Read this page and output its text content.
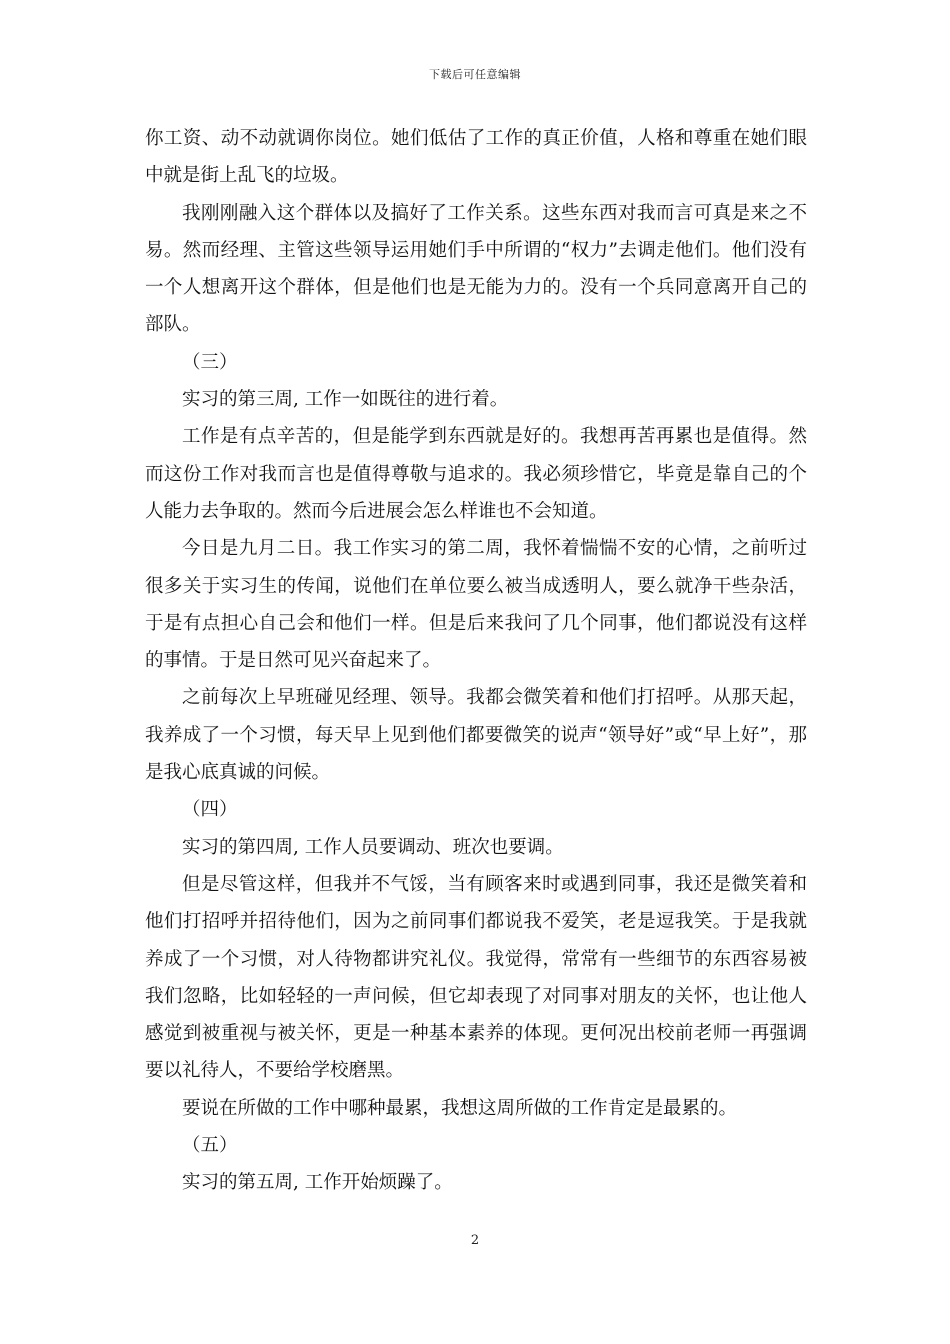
下载后可任意编辑

你工资、动不动就调你岗位。她们低估了工作的真正价值，人格和尊重在她们眼中就是街上乱飞的垃圾。

我刚刚融入这个群体以及搞好了工作关系。这些东西对我而言可真是来之不易。然而经理、主管这些领导运用她们手中所谓的“权力”去调走他们。他们没有一个人想离开这个群体，但是他们也是无能为力的。没有一个兵同意离开自己的部队。

（三）

实习的第三周, 工作一如既往的进行着。

工作是有点辛苦的，但是能学到东西就是好的。我想再苦再累也是值得。然而这份工作对我而言也是值得尊敬与追求的。我必须珍惜它，毕竟是靠自己的个人能力去争取的。然而今后进展会怎么样谁也不会知道。

今日是九月二日。我工作实习的第二周，我怀着惴惴不安的心情，之前听过很多关于实习生的传闻，说他们在单位要么被当成透明人，要么就净干些杂活，于是有点担心自己会和他们一样。但是后来我问了几个同事，他们都说没有这样的事情。于是日然可见兴奋起来了。

之前每次上早班碰见经理、领导。我都会微笑着和他们打招呼。从那天起，我养成了一个习惯，每天早上见到他们都要微笑的说声“领导好”或“早上好”，那是我心底真诚的问候。

（四）

实习的第四周, 工作人员要调动、班次也要调。

但是尽管这样，但我并不气馁，当有顾客来时或遇到同事，我还是微笑着和他们打招呼并招待他们，因为之前同事们都说我不爱笑，老是逗我笑。于是我就养成了一个习惯，对人待物都讲究礼仪。我觉得，常常有一些细节的东西容易被我们忽略，比如轻轻的一声问候，但它却表现了对同事对朋友的关怀，也让他人感觉到被重视与被关怀，更是一种基本素养的体现。更何况出校前老师一再强调要以礼待人，不要给学校磨黑。

要说在所做的工作中哪种最累，我想这周所做的工作肯定是最累的。

（五）

实习的第五周, 工作开始烦躁了。

2
